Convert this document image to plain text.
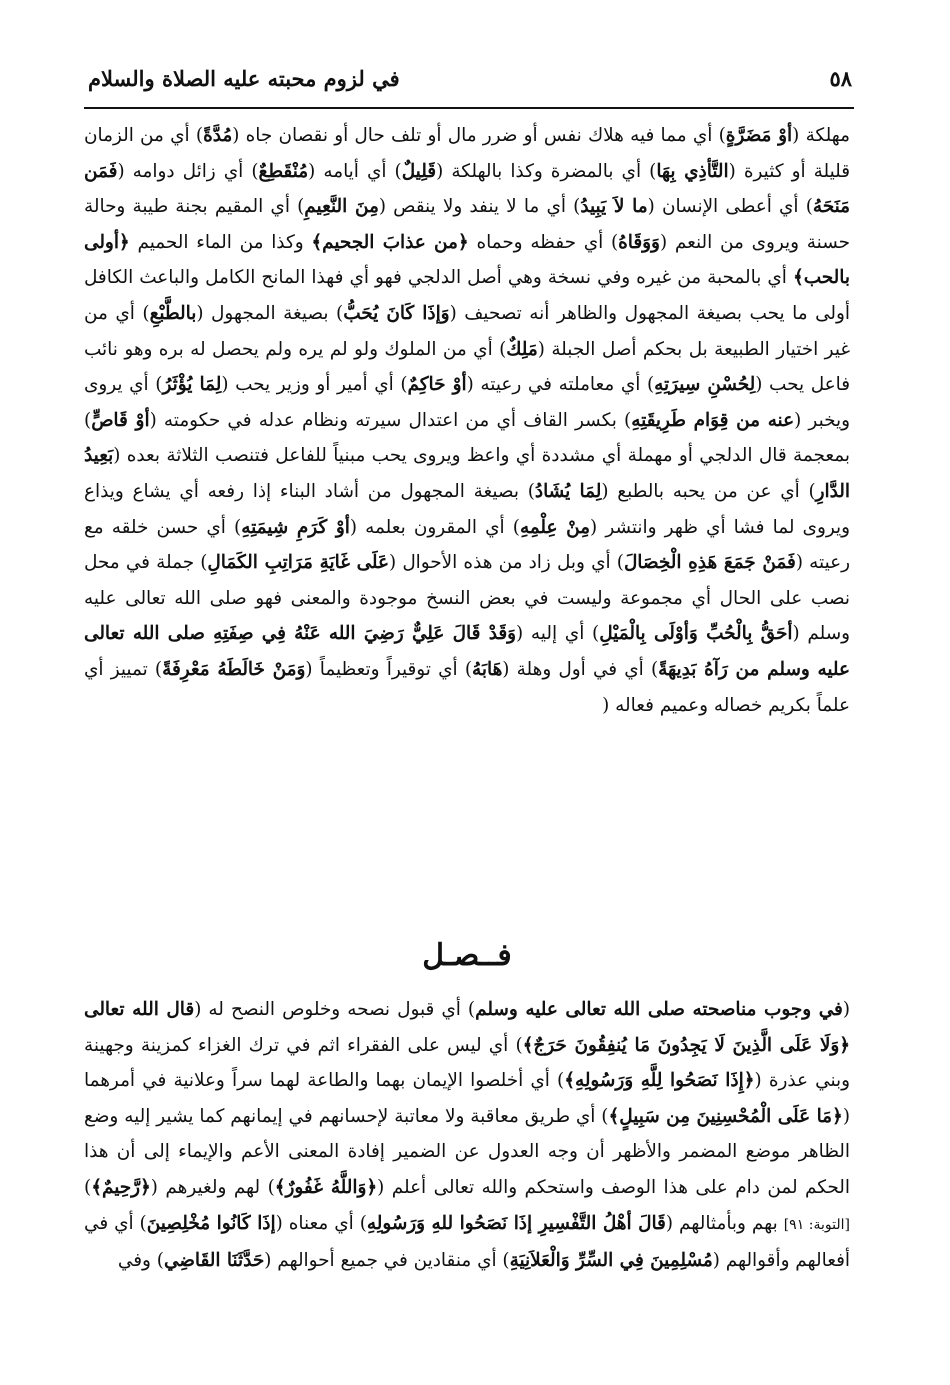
٥٨
في لزوم محبته عليه الصلاة والسلام

مهلكة (أوْ مَضَرَّةٍ) أي مما فيه هلاك نفس أو ضرر مال أو تلف حال أو نقصان جاه (مُدَّةً) أي من الزمان قليلة أو كثيرة (التَّأذِي بِهَا) أي بالمضرة وكذا بالهلكة (قَلِيلٌ) أي أيامه (مُنْقَطِعٌ) أي زائل دوامه (فَمَن مَنَحَهُ) أي أعطى الإنسان (ما لاَ يَبِيدُ) أي ما لا ينفد ولا ينقص (مِنَ النَّعِيمِ) أي المقيم بجنة طيبة وحالة حسنة ويروى من النعم (وَوَقَاهُ) أي حفظه وحماه ﴿من عذابَ الجحيم﴾ وكذا من الماء الحميم ﴿أولى بالحب﴾ أي بالمحبة من غيره وفي نسخة وهي أصل الدلجي فهو أي فهذا المانح الكامل والباعث الكافل أولى ما يحب بصيغة المجهول والظاهر أنه تصحيف (وَإذَا كَانَ يُحَبُّ) بصيغة المجهول (بالطَّبْعِ) أي من غير اختيار الطبيعة بل بحكم أصل الجبلة (مَلِكٌ) أي من الملوك ولو لم يره ولم يحصل له بره وهو نائب فاعل يحب (لِحُسْنِ سِيرَتِهِ) أي معاملته في رعيته (أوْ حَاكِمٌ) أي أمير أو وزير يحب (لِمَا يُؤْثَرُ) أي يروى ويخبر (عنه من قِوَام طَرِيقَتِهِ) بكسر القاف أي من اعتدال سيرته ونظام عدله في حكومته (أوْ قَاصٍّ) بمعجمة قال الدلجي أو مهملة أي مشددة أي واعظ ويروى يحب مبنياً للفاعل فتنصب الثلاثة بعده (بَعِيدُ الدَّارِ) أي عن من يحبه بالطبع (لِمَا يُشَادُ) بصيغة المجهول من أشاد البناء إذا رفعه أي يشاع ويذاع ويروى لما فشا أي ظهر وانتشر (مِنْ عِلْمِهِ) أي المقرون بعلمه (أوْ كَرَمِ شِيمَتِهِ) أي حسن خلقه مع رعيته (فَمَنْ جَمَعَ هَذِهِ الْخِصَالَ) أي وبل زاد من هذه الأحوال (عَلَى غَايَةِ مَرَاتِبِ الكَمَالِ) جملة في محل نصب على الحال أي مجموعة وليست في بعض النسخ موجودة والمعنى فهو صلى الله تعالى عليه وسلم (أحَقُّ بِالْحُبِّ وَأوْلَى بِالْمَيْلِ) أي إليه (وَقَدْ قَالَ عَلِيٌّ رَضِيَ الله عَنْهُ فِي صِفَتِهِ صلى الله تعالى عليه وسلم من رَآهُ بَدِيهَةً) أي في أول وهلة (هَابَهُ) أي توقيراً وتعظيماً (وَمَنْ خَالَطَهُ مَعْرِفَةً) تمييز أي علماً بكريم خصاله وعميم فعاله (

فــصـل

(في وجوب مناصحته صلى الله تعالى عليه وسلم) أي قبول نصحه وخلوص النصح له (قال الله تعالى ﴿وَلَا عَلَى الَّذِينَ لَا يَجِدُونَ مَا يُنفِقُونَ حَرَجٌ﴾) أي ليس على الفقراء اثم في ترك الغزاء كمزينة وجهينة وبني عذرة (﴿إِذَا نَصَحُوا لِلَّهِ وَرَسُولِهِ﴾) أي أخلصوا الإيمان بهما والطاعة لهما سراً وعلانية في أمرهما (﴿مَا عَلَى الْمُحْسِنِينَ مِن سَبِيلٍ﴾) أي طريق معاقبة ولا معاتبة لإحسانهم في إيمانهم كما يشير إليه وضع الظاهر موضع المضمر والأظهر أن وجه العدول عن الضمير إفادة المعنى الأعم والإيماء إلى أن هذا الحكم لمن دام على هذا الوصف واستحكم والله تعالى أعلم (﴿وَاللَّهُ غَفُورٌ﴾) لهم ولغيرهم (﴿رَّحِيمٌ﴾) [التوبة: ٩١] بهم وبأمثالهم (قَالَ أهْلُ التَّفْسِيرِ إذَا نَصَحُوا للهِ وَرَسُولِهِ) أي معناه (إذَا كَانُوا مُخْلِصِينَ) أي في أفعالهم وأقوالهم (مُسْلِمِينَ فِي السِّرِّ وَالْعَلاَنِيَةِ) أي منقادين في جميع أحوالهم (حَدَّثَنَا القَاضِي) وفي
